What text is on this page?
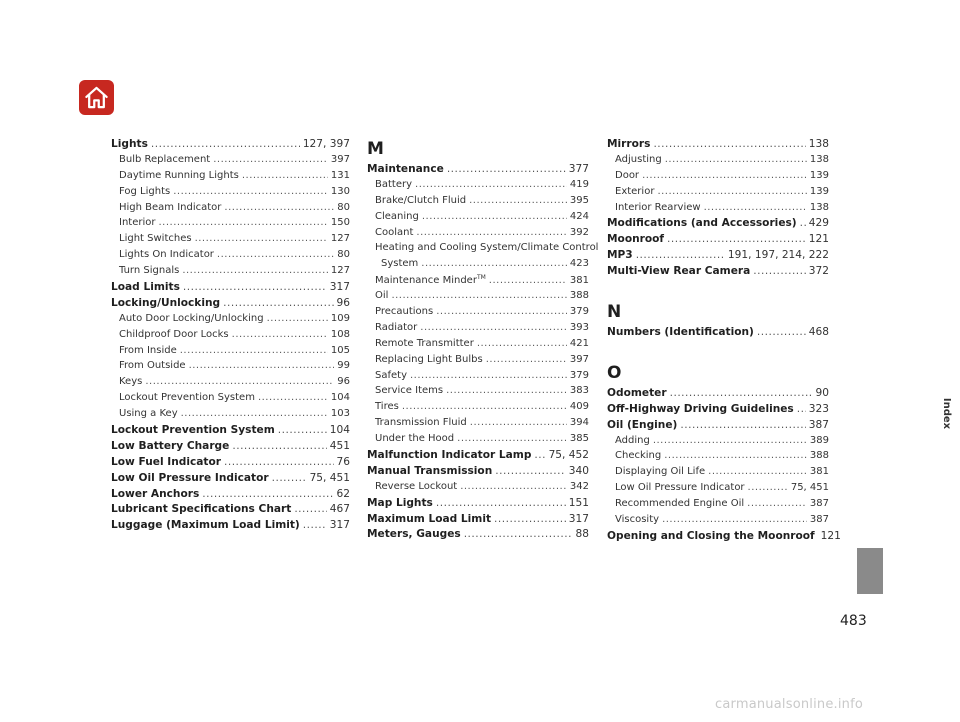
Lights .....	127, 397
Bulb Replacement .....	397
Daytime Running Lights .....	131
Fog Lights .....	130
High Beam Indicator .....	80
Interior .....	150
Light Switches .....	127
Lights On Indicator .....	80
Turn Signals .....	127
Load Limits .....	317
Locking/Unlocking .....	96
Auto Door Locking/Unlocking .....	109
Childproof Door Locks .....	108
From Inside .....	105
From Outside .....	99
Keys .....	96
Lockout Prevention System .....	104
Using a Key .....	103
Lockout Prevention System .....	104
Low Battery Charge .....	451
Low Fuel Indicator .....	76
Low Oil Pressure Indicator .....	75, 451
Lower Anchors .....	62
Lubricant Specifications Chart .....	467
Luggage (Maximum Load Limit) .....	317
M
Maintenance .....	377
Battery .....	419
Brake/Clutch Fluid .....	395
Cleaning .....	424
Coolant .....	392
Heating and Cooling System/Climate Control
System .....	423
Maintenance Minder™ .....	381
Oil .....	388
Precautions .....	379
Radiator .....	393
Remote Transmitter .....	421
Replacing Light Bulbs .....	397
Safety .....	379
Service Items .....	383
Tires .....	409
Transmission Fluid .....	394
Under the Hood .....	385
Malfunction Indicator Lamp ..... 75, 452
Manual Transmission .....	340
Reverse Lockout .....	342
Map Lights .....	151
Maximum Load Limit .....	317
Meters, Gauges .....	88
Mirrors .....	138
Adjusting .....	138
Door .....	139
Exterior .....	139
Interior Rearview .....	138
Modifications (and Accessories) ..... 429
Moonroof .....	121
MP3 .....	191, 197, 214, 222
Multi-View Rear Camera .....	372
N
Numbers (Identification) .....	468
O
Odometer .....	90
Off-Highway Driving Guidelines ..... 323
Oil (Engine) .....	387
Adding .....	389
Checking .....	388
Displaying Oil Life .....	381
Low Oil Pressure Indicator .....	75, 451
Recommended Engine Oil .....	387
Viscosity .....	387
Opening and Closing the Moonroof 121
Index
483
carmanualsonline.info
